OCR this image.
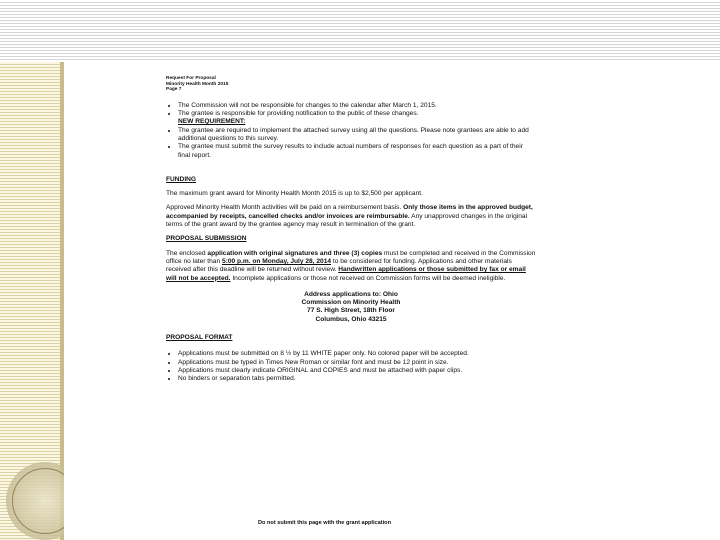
Request For Proposal
Minority Health Month 2015
Page 7
• The Commission will not be responsible for changes to the calendar after March 1, 2015.
• The grantee is responsible for providing notification to the public of these changes.
NEW REQUIREMENT:
• The grantee are required to implement the attached survey using all the questions. Please note grantees are able to add additional questions to this survey.
• The grantee must submit the survey results to include actual numbers of responses for each question as a part of their final report.
FUNDING

The maximum grant award for Minority Health Month 2015 is up to $2,500 per applicant.

Approved Minority Health Month activities will be paid on a reimbursement basis. Only those items in the approved budget, accompanied by receipts, cancelled checks and/or invoices are reimbursable. Any unapproved changes in the original terms of the grant award by the grantee agency may result in termination of the grant.

PROPOSAL SUBMISSION

The enclosed application with original signatures and three (3) copies must be completed and received in the Commission office no later than 5:00 p.m. on Monday, July 28, 2014 to be considered for funding. Applications and other materials received after this deadline will be returned without review. Handwritten applications or those submitted by fax or email will not be accepted. Incomplete applications or those not received on Commission forms will be deemed ineligible.

Address applications to: Ohio
Commission on Minority Health
77 S. High Street, 18th Floor
Columbus, Ohio 43215
PROPOSAL FORMAT
• Applications must be submitted on 8 ½ by 11 WHITE paper only. No colored paper will be accepted.
• Applications must be typed in Times New Roman or similar font and must be 12 point in size.
• Applications must clearly indicate ORIGINAL and COPIES and must be attached with paper clips.
• No binders or separation tabs permitted.
Do not submit this page with the grant application
